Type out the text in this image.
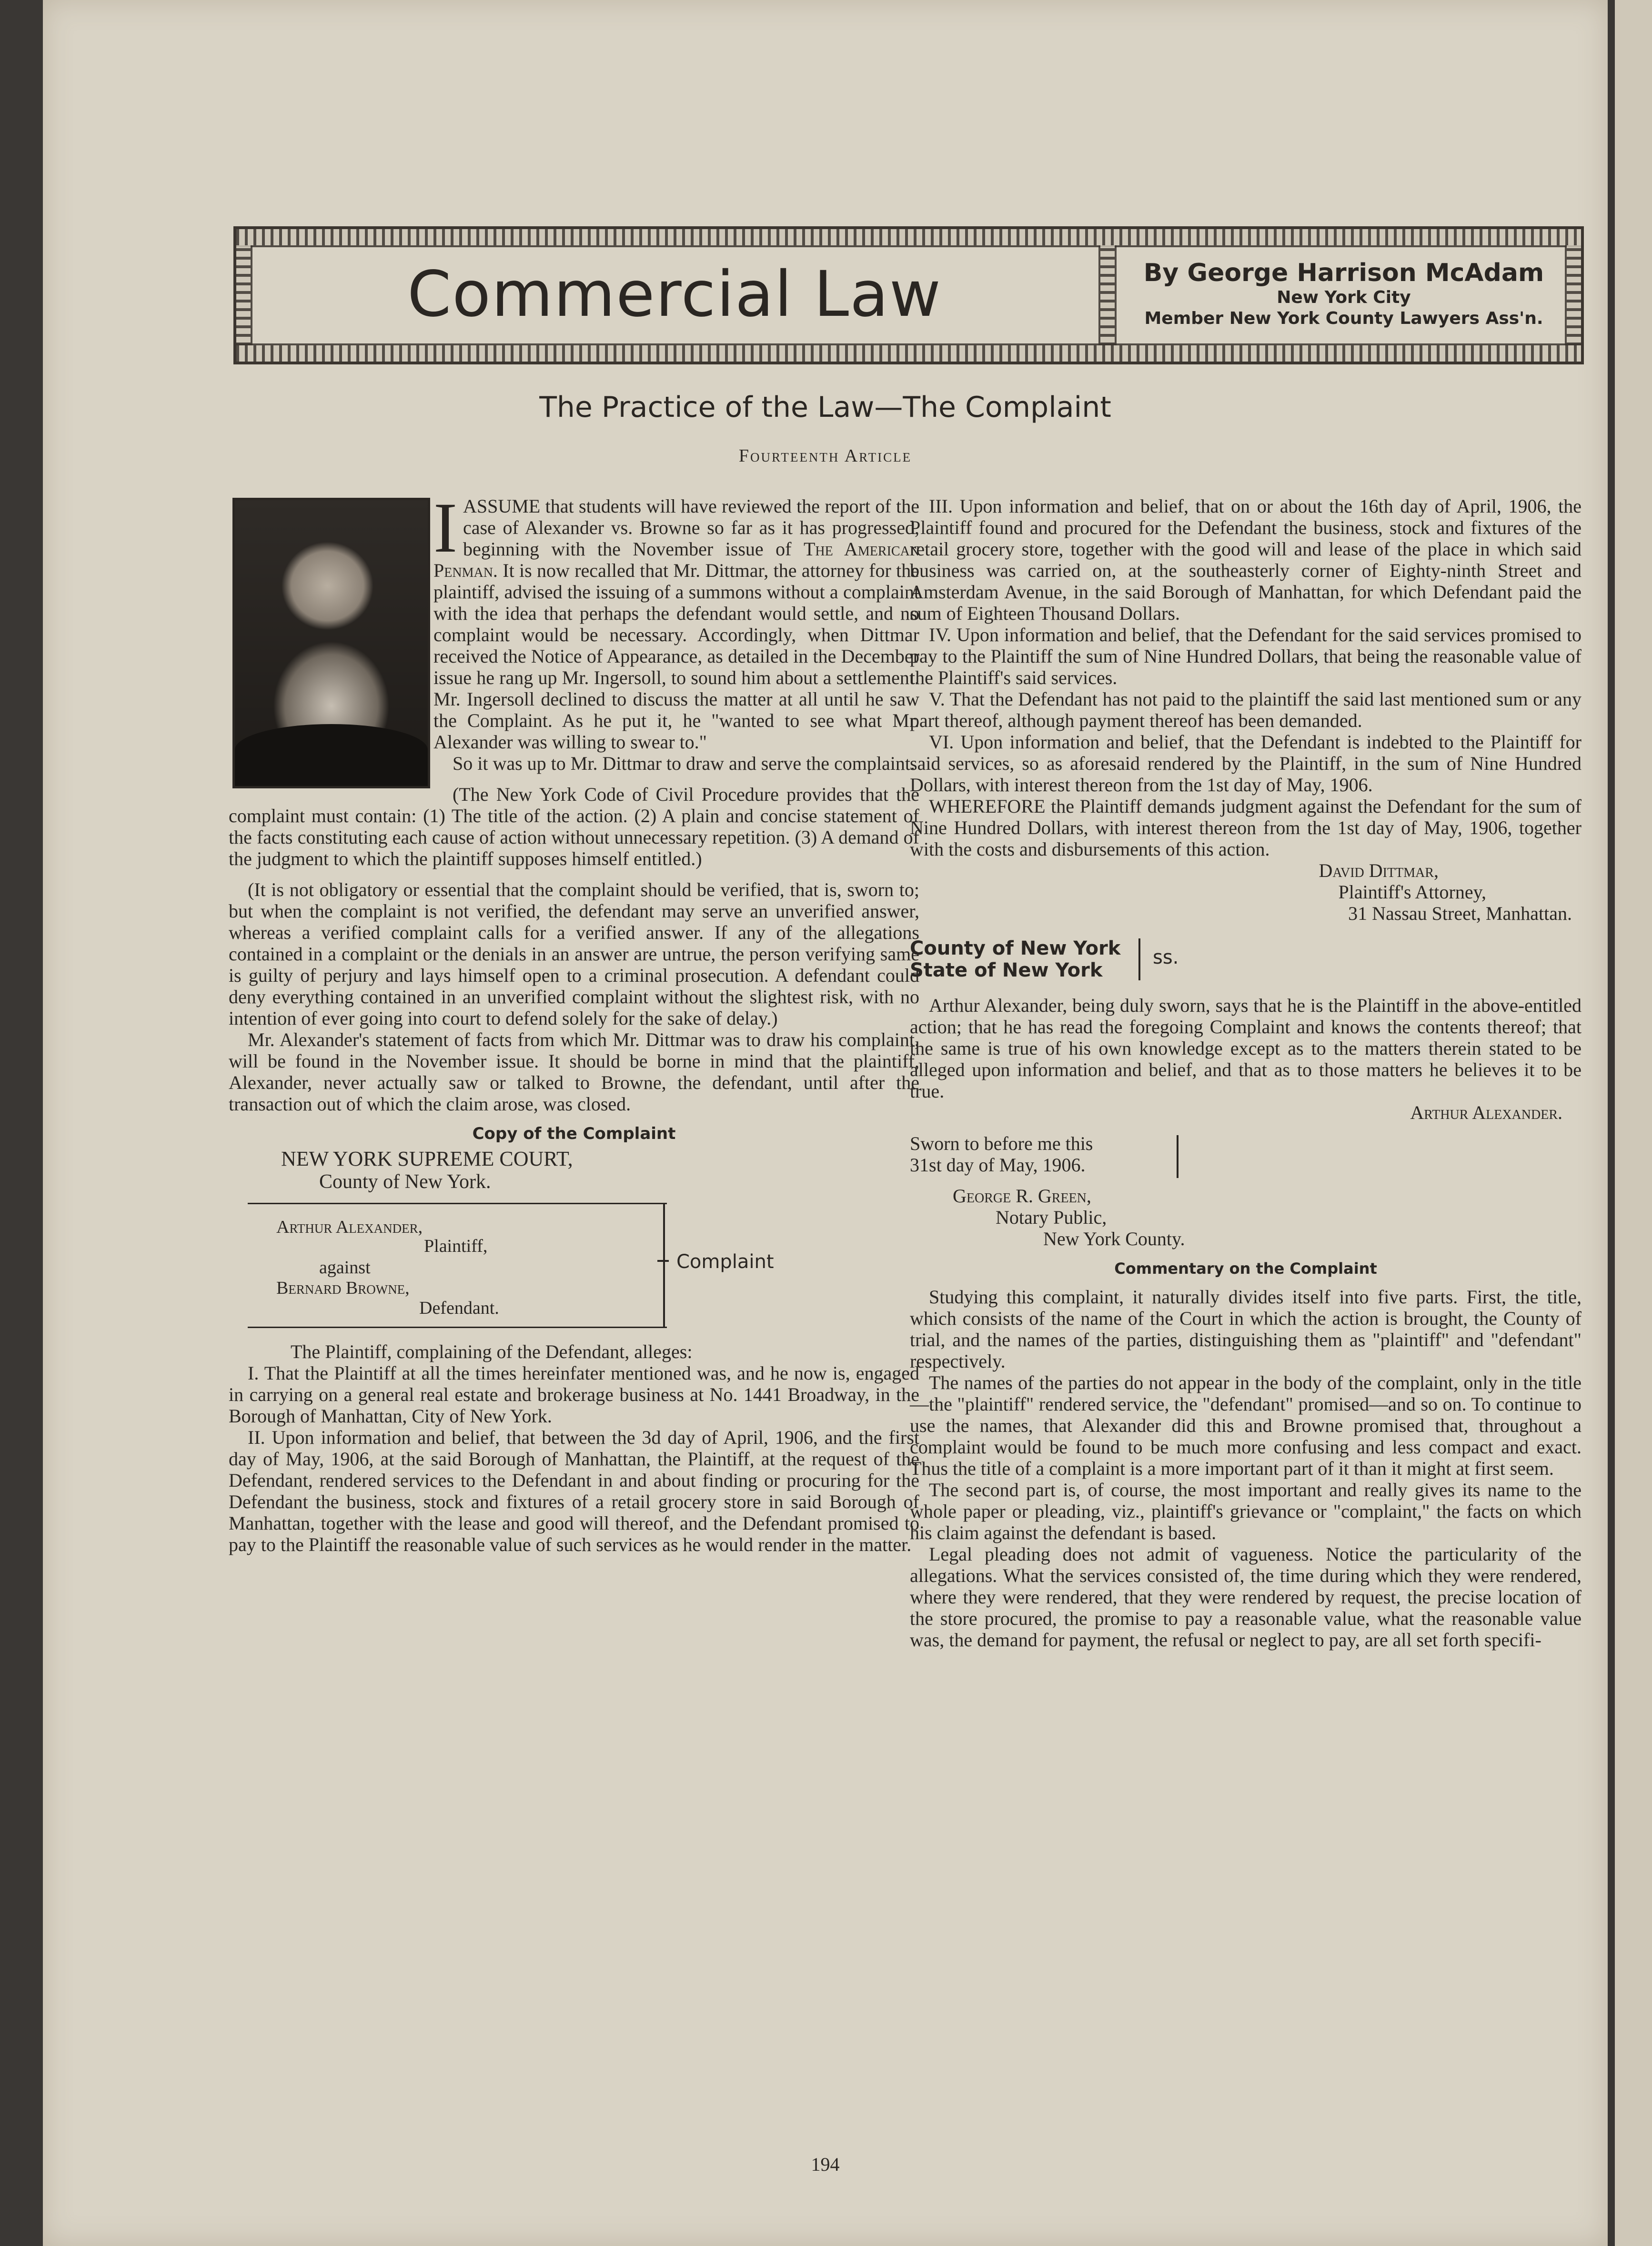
Commercial Law	By George Harrison McAdam
New York City
Member New York County Lawyers Ass'n.
The Practice of the Law—The Complaint
Fourteenth Article

I ASSUME that students will have reviewed the report of the case of Alexander vs. Browne so far as it has progressed, beginning with the November issue of The American Penman. It is now recalled that Mr. Dittmar, the attorney for the plaintiff, advised the issuing of a summons without a complaint with the idea that perhaps the defendant would settle, and no complaint would be necessary. Accordingly, when Dittmar received the Notice of Appearance, as detailed in the December issue he rang up Mr. Ingersoll, to sound him about a settlement. Mr. Ingersoll declined to discuss the matter at all until he saw the Complaint. As he put it, he "wanted to see what Mr. Alexander was willing to swear to."

So it was up to Mr. Dittmar to draw and serve the complaint.

(The New York Code of Civil Procedure provides that the complaint must contain: (1) The title of the action. (2) A plain and concise statement of the facts constituting each cause of action without unnecessary repetition. (3) A demand of the judgment to which the plaintiff supposes himself entitled.)

(It is not obligatory or essential that the complaint should be verified, that is, sworn to; but when the complaint is not verified, the defendant may serve an unverified answer, whereas a verified complaint calls for a verified answer. If any of the allegations contained in a complaint or the denials in an answer are untrue, the person verifying same is guilty of perjury and lays himself open to a criminal prosecution. A defendant could deny everything contained in an unverified complaint without the slightest risk, with no intention of ever going into court to defend solely for the sake of delay.)

Mr. Alexander's statement of facts from which Mr. Dittmar was to draw his complaint, will be found in the November issue. It should be borne in mind that the plaintiff, Alexander, never actually saw or talked to Browne, the defendant, until after the transaction out of which the claim arose, was closed.

Copy of the Complaint
NEW YORK SUPREME COURT,
County of New York.
Arthur Alexander,
Plaintiff,
against
Bernard Browne,
Defendant.
Complaint

The Plaintiff, complaining of the Defendant, alleges:

I. That the Plaintiff at all the times hereinfater mentioned was, and he now is, engaged in carrying on a general real estate and brokerage business at No. 1441 Broadway, in the Borough of Manhattan, City of New York.

II. Upon information and belief, that between the 3d day of April, 1906, and the first day of May, 1906, at the said Borough of Manhattan, the Plaintiff, at the request of the Defendant, rendered services to the Defendant in and about finding or procuring for the Defendant the business, stock and fixtures of a retail grocery store in said Borough of Manhattan, together with the lease and good will thereof, and the Defendant promised to pay to the Plaintiff the reasonable value of such services as he would render in the matter.

III. Upon information and belief, that on or about the 16th day of April, 1906, the Plaintiff found and procured for the Defendant the business, stock and fixtures of the retail grocery store, together with the good will and lease of the place in which said business was carried on, at the southeasterly corner of Eighty-ninth Street and Amsterdam Avenue, in the said Borough of Manhattan, for which Defendant paid the sum of Eighteen Thousand Dollars.

IV. Upon information and belief, that the Defendant for the said services promised to pay to the Plaintiff the sum of Nine Hundred Dollars, that being the reasonable value of the Plaintiff's said services.

V. That the Defendant has not paid to the plaintiff the said last mentioned sum or any part thereof, although payment thereof has been demanded.

VI. Upon information and belief, that the Defendant is indebted to the Plaintiff for said services, so as aforesaid rendered by the Plaintiff, in the sum of Nine Hundred Dollars, with interest thereon from the 1st day of May, 1906.

WHEREFORE the Plaintiff demands judgment against the Defendant for the sum of Nine Hundred Dollars, with interest thereon from the 1st day of May, 1906, together with the costs and disbursements of this action.

David Dittmar,
Plaintiff's Attorney,
31 Nassau Street, Manhattan.
County of New York
State of New York
ss.

Arthur Alexander, being duly sworn, says that he is the Plaintiff in the above-entitled action; that he has read the foregoing Complaint and knows the contents thereof; that the same is true of his own knowledge except as to the matters therein stated to be alleged upon information and belief, and that as to those matters he believes it to be true.

Arthur Alexander.
Sworn to before me this
31st day of May, 1906.
George R. Green,
Notary Public,
New York County.
Commentary on the Complaint

Studying this complaint, it naturally divides itself into five parts. First, the title, which consists of the name of the Court in which the action is brought, the County of trial, and the names of the parties, distinguishing them as "plaintiff" and "defendant" respectively.

The names of the parties do not appear in the body of the complaint, only in the title—the "plaintiff" rendered service, the "defendant" promised—and so on. To continue to use the names, that Alexander did this and Browne promised that, throughout a complaint would be found to be much more confusing and less compact and exact. Thus the title of a complaint is a more important part of it than it might at first seem.

The second part is, of course, the most important and really gives its name to the whole paper or pleading, viz., plaintiff's grievance or "complaint," the facts on which his claim against the defendant is based.

Legal pleading does not admit of vagueness. Notice the particularity of the allegations. What the services consisted of, the time during which they were rendered, where they were rendered, that they were rendered by request, the precise location of the store procured, the promise to pay a reasonable value, what the reasonable value was, the demand for payment, the refusal or neglect to pay, are all set forth specifi-

194
